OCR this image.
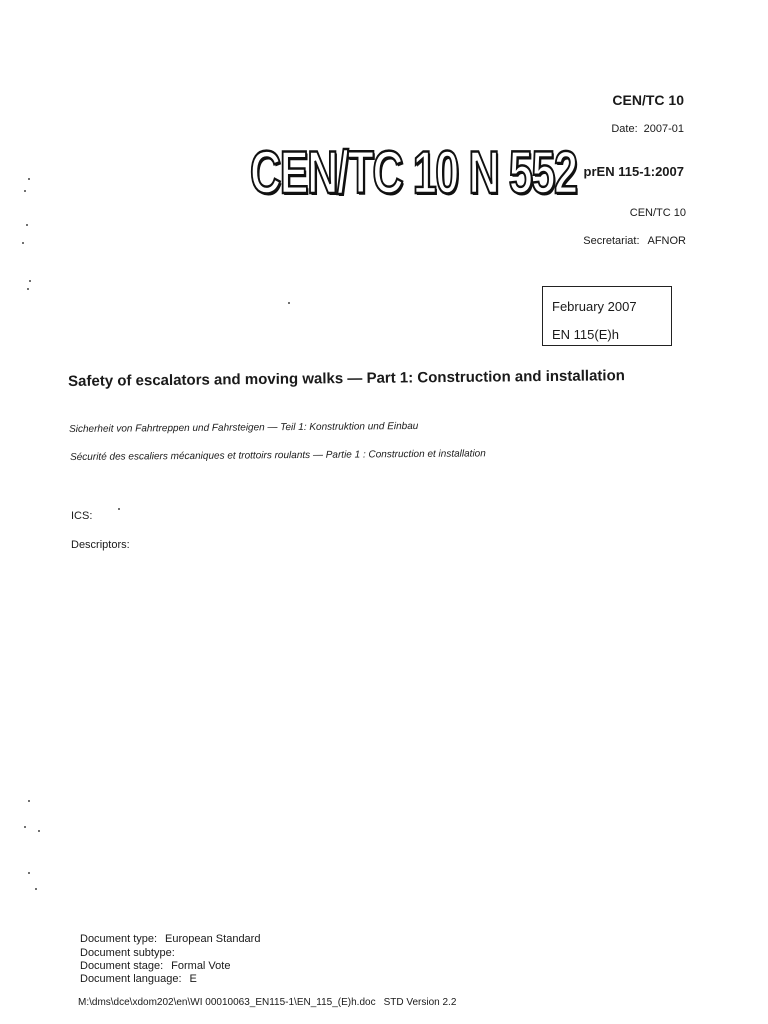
CEN/TC 10
Date: 2007-01
CEN/TC 10 N 552 prEN 115-1:2007
CEN/TC 10
Secretariat: AFNOR
February 2007
EN 115(E)h
Safety of escalators and moving walks — Part 1: Construction and installation
Sicherheit von Fahrtreppen und Fahrsteigen — Teil 1: Konstruktion und Einbau
Sécurité des escaliers mécaniques et trottoirs roulants — Partie 1 : Construction et installation
ICS:
Descriptors:
Document type: European Standard
Document subtype:
Document stage: Formal Vote
Document language: E
M:\dms\dce\xdom202\en\WI 00010063_EN115-1\EN_115_(E)h.doc STD Version 2.2
